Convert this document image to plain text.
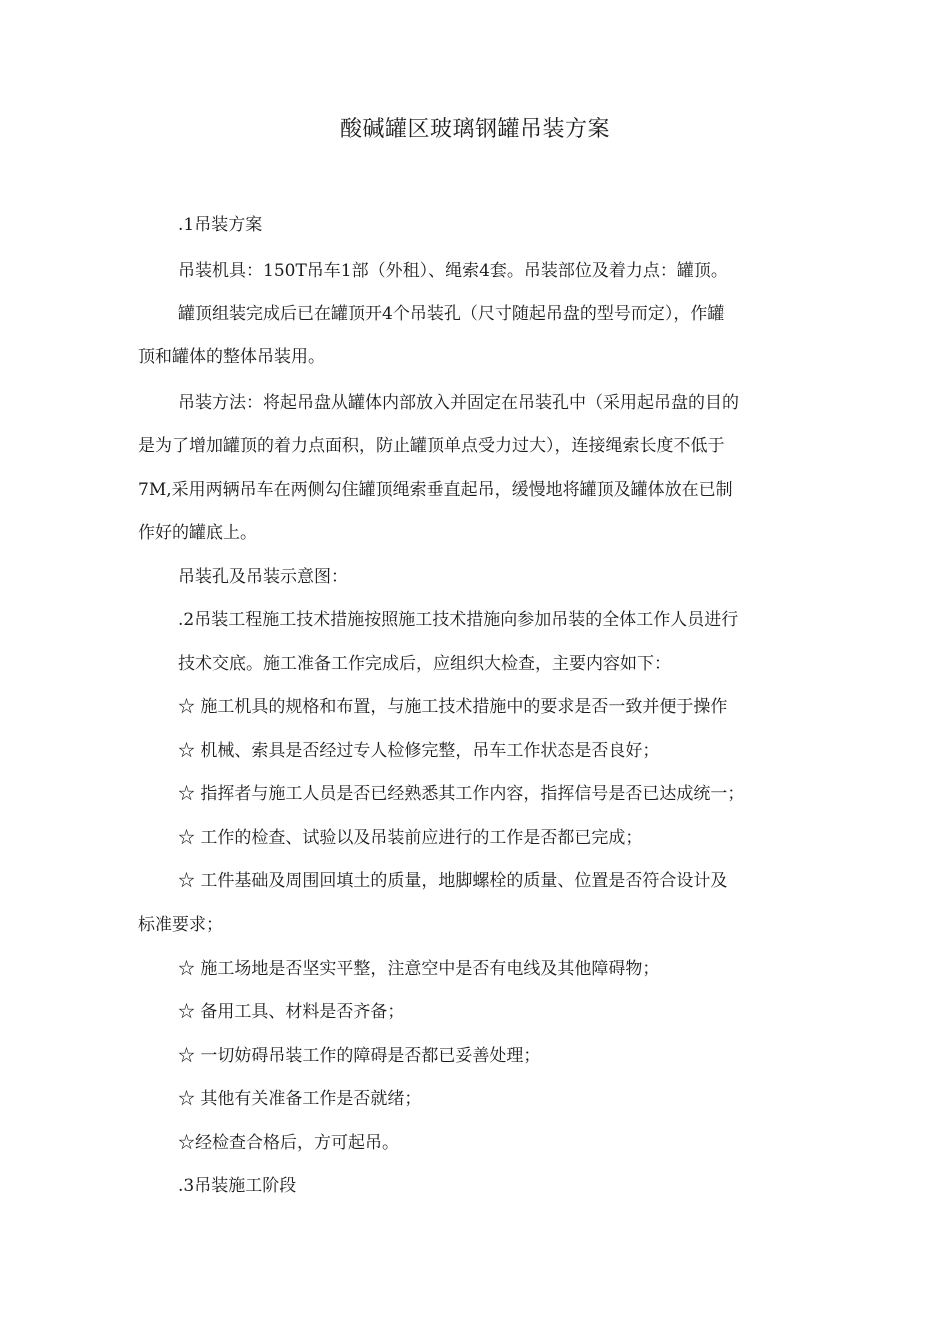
酸碱罐区玻璃钢罐吊装方案
.1吊装方案
吊装机具：150T吊车1部（外租）、绳索4套。吊装部位及着力点：罐顶。
罐顶组装完成后已在罐顶开4个吊装孔（尺寸随起吊盘的型号而定），作罐
顶和罐体的整体吊装用。
吊装方法：将起吊盘从罐体内部放入并固定在吊装孔中（采用起吊盘的目的
是为了增加罐顶的着力点面积，防止罐顶单点受力过大），连接绳索长度不低于
7M,采用两辆吊车在两侧勾住罐顶绳索垂直起吊，缓慢地将罐顶及罐体放在已制
作好的罐底上。
吊装孔及吊装示意图：
.2吊装工程施工技术措施按照施工技术措施向参加吊装的全体工作人员进行
技术交底。施工准备工作完成后，应组织大检查，主要内容如下：
☆ 施工机具的规格和布置，与施工技术措施中的要求是否一致并便于操作
☆ 机械、索具是否经过专人检修完整，吊车工作状态是否良好；
☆ 指挥者与施工人员是否已经熟悉其工作内容，指挥信号是否已达成统一；
☆ 工作的检查、试验以及吊装前应进行的工作是否都已完成；
☆ 工件基础及周围回填土的质量，地脚螺栓的质量、位置是否符合设计及
标准要求；
☆ 施工场地是否坚实平整，注意空中是否有电线及其他障碍物；
☆ 备用工具、材料是否齐备；
☆ 一切妨碍吊装工作的障碍是否都已妥善处理；
☆ 其他有关准备工作是否就绪；
☆经检查合格后，方可起吊。
.3吊装施工阶段
